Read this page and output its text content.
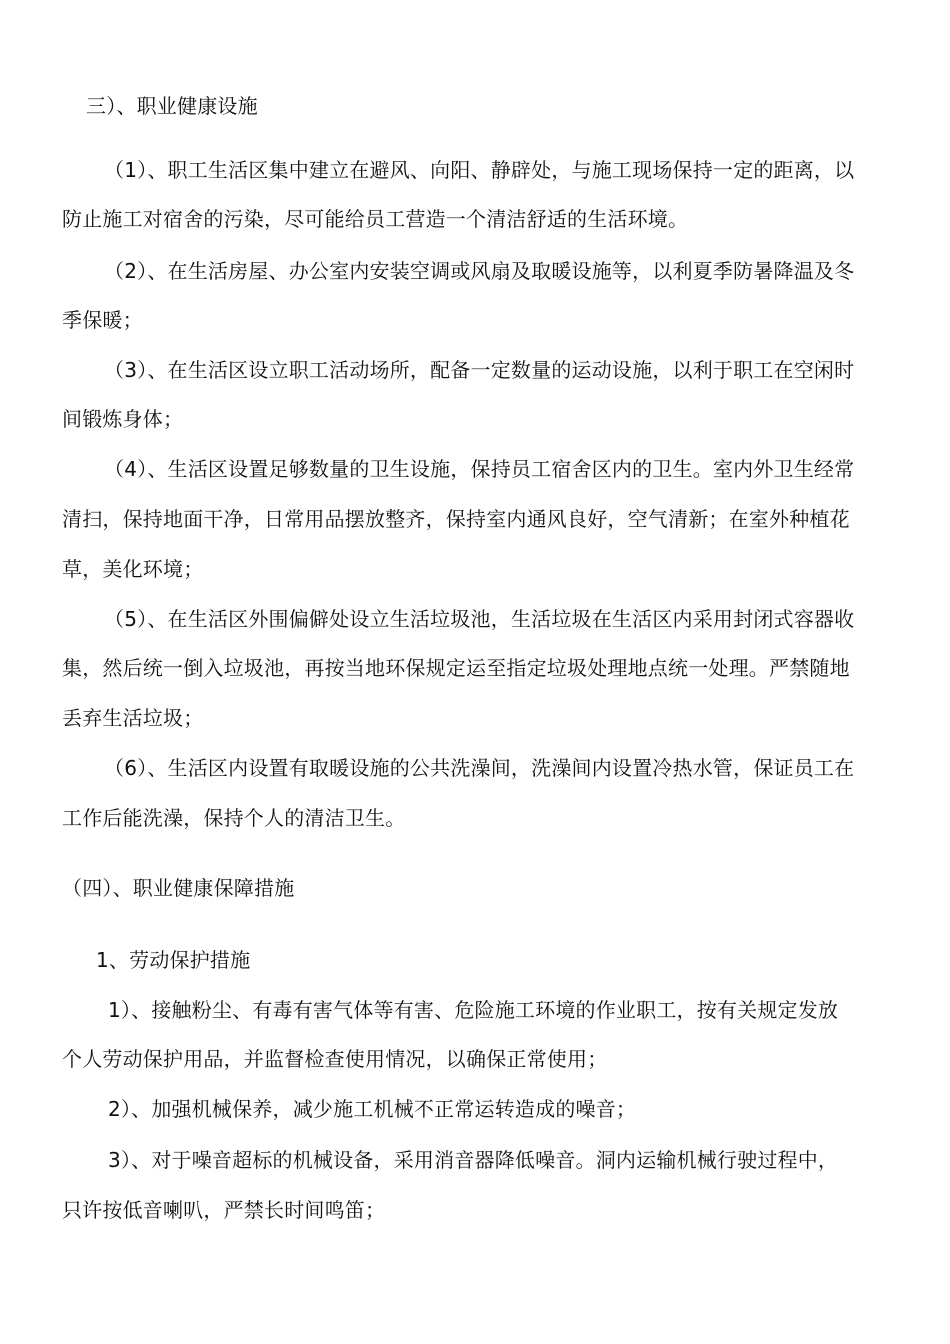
三）、职业健康设施
（1）、职工生活区集中建立在避风、向阳、静辟处，与施工现场保持一定的距离，以
防止施工对宿舍的污染，尽可能给员工营造一个清洁舒适的生活环境。
（2）、在生活房屋、办公室内安装空调或风扇及取暖设施等，以利夏季防暑降温及冬
季保暖；
（3）、在生活区设立职工活动场所，配备一定数量的运动设施，以利于职工在空闲时
间锻炼身体；
（4）、生活区设置足够数量的卫生设施，保持员工宿舍区内的卫生。室内外卫生经常
清扫，保持地面干净，日常用品摆放整齐，保持室内通风良好，空气清新；在室外种植花
草，美化环境；
（5）、在生活区外围偏僻处设立生活垃圾池，生活垃圾在生活区内采用封闭式容器收
集，然后统一倒入垃圾池，再按当地环保规定运至指定垃圾处理地点统一处理。严禁随地
丢弃生活垃圾；
（6）、生活区内设置有取暖设施的公共洗澡间，洗澡间内设置冷热水管，保证员工在
工作后能洗澡，保持个人的清洁卫生。
（四）、职业健康保障措施
1、劳动保护措施
1）、接触粉尘、有毒有害气体等有害、危险施工环境的作业职工，按有关规定发放
个人劳动保护用品，并监督检查使用情况，以确保正常使用；
2）、加强机械保养，减少施工机械不正常运转造成的噪音；
3）、对于噪音超标的机械设备，采用消音器降低噪音。洞内运输机械行驶过程中，
只许按低音喇叭，严禁长时间鸣笛；
